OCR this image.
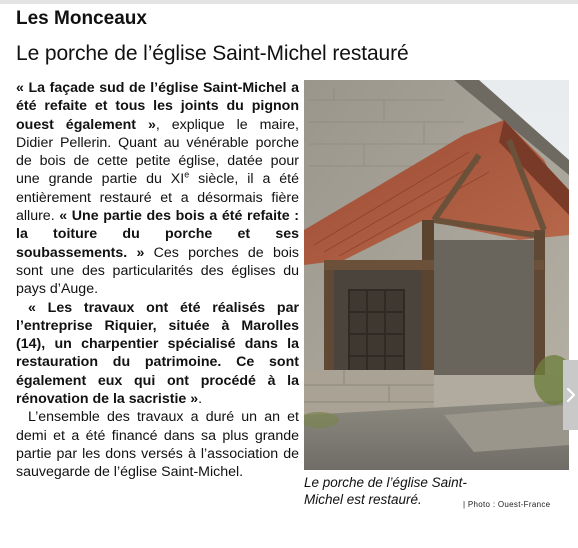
Les Monceaux
Le porche de l’église Saint-Michel restauré

« La façade sud de l’église Saint-Michel a été refaite et tous les joints du pignon ouest également », explique le maire, Didier Pellerin. Quant au vénérable porche de bois de cette petite église, datée pour une grande partie du XIe siècle, il a été entièrement restauré et a désormais fière allure. « Une partie des bois a été refaite : la toiture du porche et ses soubassements. » Ces porches de bois sont une des particularités des églises du pays d’Auge.

« Les travaux ont été réalisés par l’entreprise Riquier, située à Marolles (14), un charpentier spécialisé dans la restauration du patrimoine. Ce sont également eux qui ont procédé à la rénovation de la sacristie ».

L’ensemble des travaux a duré un an et demi et a été financé dans sa plus grande partie par les dons versés à l’association de sauvegarde de l’église Saint-Michel.

Le porche de l’église Saint-Michel est restauré.	| Photo : Ouest-France
